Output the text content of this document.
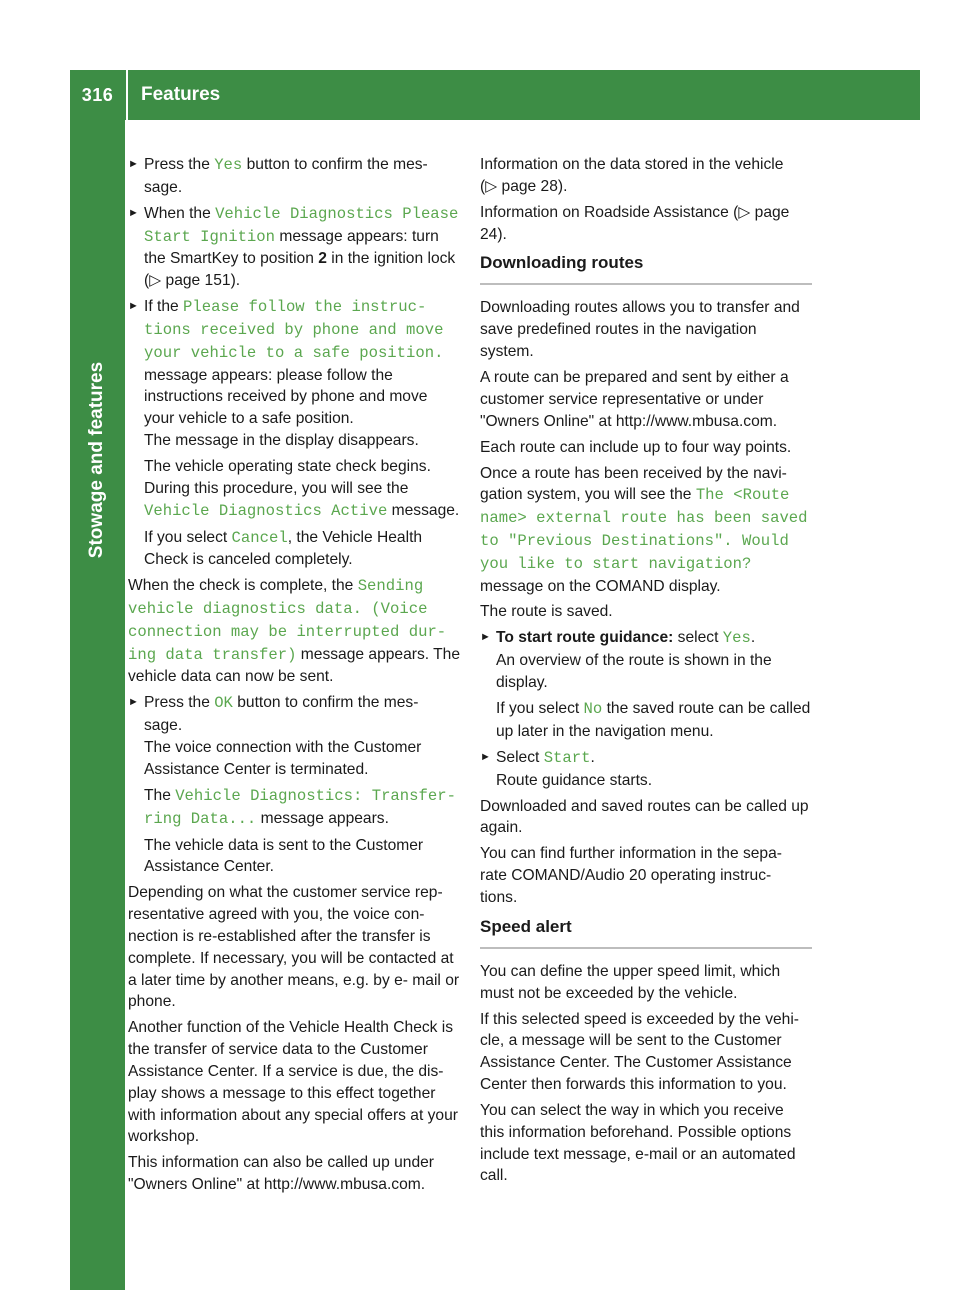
316	Features
Stowage and features

► Press the Yes button to confirm the mes- sage.

► When the Vehicle Diagnostics Please Start Ignition message appears: turn the SmartKey to position 2 in the ignition lock (▷ page 151).

► If the Please follow the instruc‐ tions received by phone and move your vehicle to a safe position. message appears: please follow the instructions received by phone and move your vehicle to a safe position.
The message in the display disappears.

The vehicle operating state check begins. During this procedure, you will see the Vehicle Diagnostics Active message.

If you select Cancel, the Vehicle Health Check is canceled completely.

When the check is complete, the Sending vehicle diagnostics data. (Voice connection may be interrupted dur‐ ing data transfer) message appears. The vehicle data can now be sent.

► Press the OK button to confirm the mes- sage.
The voice connection with the Customer Assistance Center is terminated.

The Vehicle Diagnostics: Transfer‐ ring Data... message appears.

The vehicle data is sent to the Customer Assistance Center.

Depending on what the customer service rep- resentative agreed with you, the voice con- nection is re-established after the transfer is complete. If necessary, you will be contacted at a later time by another means, e.g. by e- mail or phone.

Another function of the Vehicle Health Check is the transfer of service data to the Customer Assistance Center. If a service is due, the dis- play shows a message to this effect together with information about any special offers at your workshop.

This information can also be called up under "Owners Online" at http://www.mbusa.com.

Information on the data stored in the vehicle (▷ page 28).

Information on Roadside Assistance (▷ page 24).

Downloading routes

Downloading routes allows you to transfer and save predefined routes in the navigation system.

A route can be prepared and sent by either a customer service representative or under "Owners Online" at http://www.mbusa.com.

Each route can include up to four way points.

Once a route has been received by the navi- gation system, you will see the The <Route name> external route has been saved to "Previous Destinations". Would you like to start navigation? message on the COMAND display.

The route is saved.

► To start route guidance: select Yes.
An overview of the route is shown in the display.

If you select No the saved route can be called up later in the navigation menu.

► Select Start.
Route guidance starts.

Downloaded and saved routes can be called up again.

You can find further information in the sepa- rate COMAND/Audio 20 operating instruc- tions.

Speed alert

You can define the upper speed limit, which must not be exceeded by the vehicle.

If this selected speed is exceeded by the vehi- cle, a message will be sent to the Customer Assistance Center. The Customer Assistance Center then forwards this information to you.

You can select the way in which you receive this information beforehand. Possible options include text message, e-mail or an automated call.
